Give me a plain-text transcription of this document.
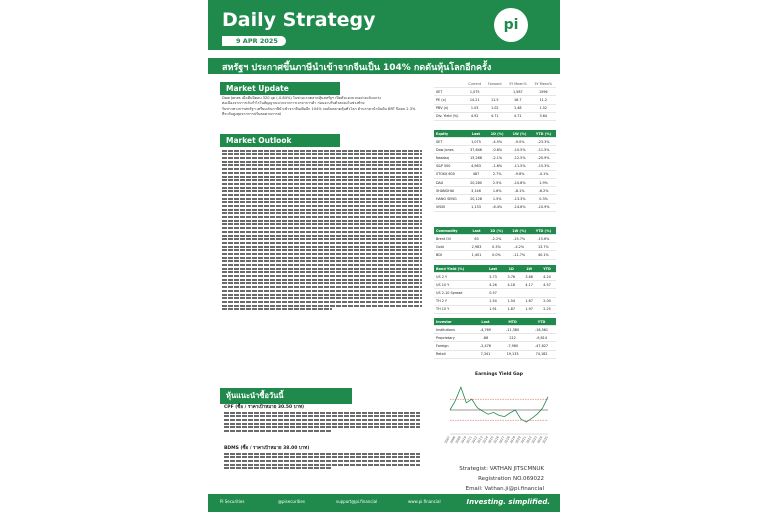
Daily Strategy
9 APR 2025
pi
สหรัฐฯ ประกาศขึ้นภาษีนำเข้าจากจีนเป็น 104% กดดันหุ้นโลกอีกครั้ง
Market Update
Dow Jones เมื่อคืนปิดลบ 320 จุด (-0.84%) ในช่วงแรกตลาดหุ้นสหรัฐฯ เปิดตัวแดงบวกอย่างแข็งแกร่ง
ต่อเนื่องจากการเก็งกำไรในสัญญาณบวกจากการเจรจาการค้า ก่อนจะปรับตัวลดลงในช่วงท้าย
รับข่าวทางการสหรัฐฯ เตรียมเก็บภาษีนำเข้าจากจีนเพิ่มอีก 104% กดดันตลาดหุ้นทั่วโลก ด้านราคาน้ำมันดิบ BRT ปิดลบ 2.3%
ที่ระดับสูงสุดจากการปรับลดคาดการณ์
Market Outlook
หุ้นแนะนำซื้อวันนี้
CPF (ซื้อ / ราคาเป้าหมาย 30.50 บาท)
BDMS (ซื้อ / ราคาเป้าหมาย 38.00 บาท)
	Current	Forward	3Y Mean%	3Y Mean%
SET	1,075		1,587	1596
PE (x)	14.21	11.5	16.7	11.2
PBV (x)	1.03	1.02	1.48	1.52
Div. Yield (%)	4.92	4.71	4.71	3.64
Equity	Last	1D (%)	1W (%)	YTD (%)
SET	1,075	-4.5%	-9.0%	-23.3%
Dow Jones	37,646	-0.8%	-10.5%	-11.5%
Nasdaq	15,268	-2.1%	-12.5%	-20.9%
S&P 500	4,983	-1.6%	-11.5%	-15.3%
STOXX 600	487	2.7%	-9.8%	-4.1%
DAX	20,280	2.5%	-10.8%	1.9%
SHANGHAI	3,146	1.6%	-8.1%	-6.2%
HANG SENG	20,128	1.5%	-13.3%	0.3%
VN30	1,133	-6.4%	-14.6%	-10.9%
Commodity	Last	1D (%)	1W (%)	YTD (%)
Brent Oil	63	-2.2%	-15.7%	-15.6%
Gold	2,983	0.3%	-4.2%	13.7%
BDI	1,401	0.0%	-11.7%	40.1%
Bond Yield (%)	Last	1D	1W	YTD
US 2 Y	3.73	3.76	3.68	4.24
US 10 Y	4.26	4.18	4.17	4.57
US 2-10 Spread	0.57			
TH 2 Y	1.54	1.54	1.67	2.00
TH 10 Y	1.91	1.87	1.97	2.25
Investor	Last	MTD	YTD
Institutions	-4,769	-11,380	-16,561
Proprietary	-86	212	-9,814
Foreign	-2,476	-7,960	-47,627
Retail	7,341	19,133	74,182
Earnings Yield Gap
2007
2008
2009
2010
2011
2012
2013
2014
2015
2016
2017
2018
2019
2020
2021
2022
2023
2024
2025
Strategist: VATHAN JITSCMNUK
Registration NO.069022
Email: Vathan.ji@pi.financial
Pi Securities	@pisecurities	support@pi.financial	www.pi.financial	Investing. simplified.
